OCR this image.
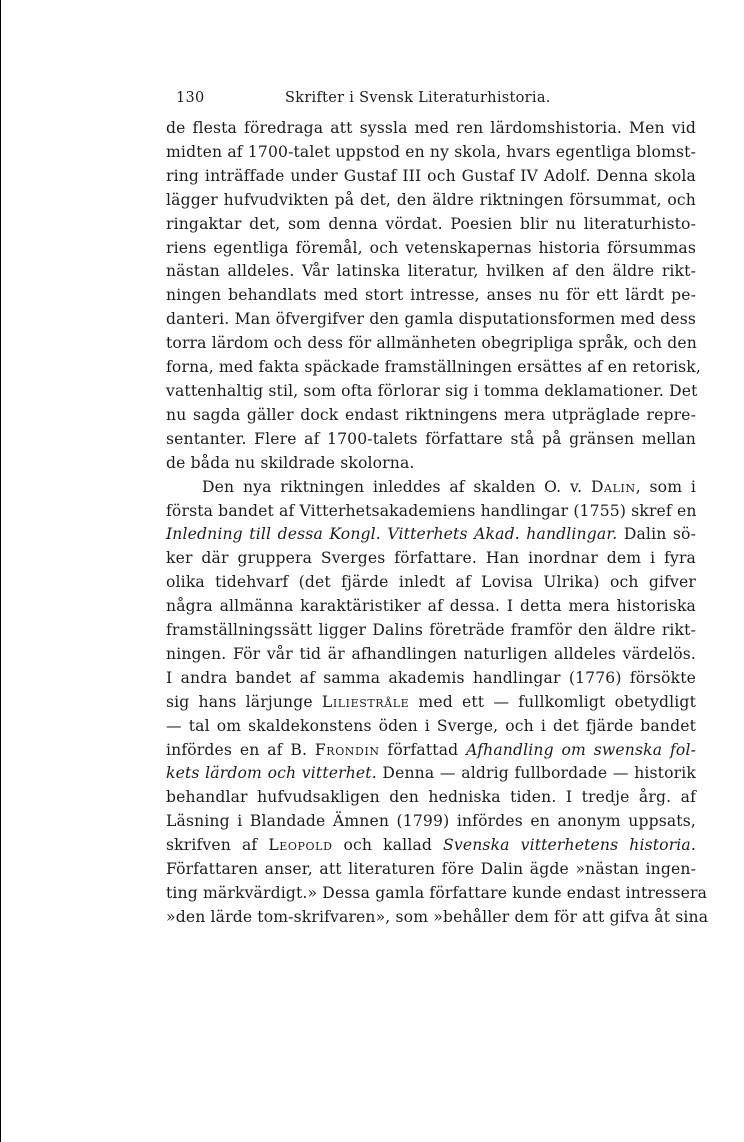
130	Skrifter i Svensk Literaturhistoria.
de flesta föredraga att syssla med ren lärdomshistoria. Men vid
midten af 1700-talet uppstod en ny skola, hvars egentliga blomst-
ring inträffade under Gustaf III och Gustaf IV Adolf. Denna skola
lägger hufvudvikten på det, den äldre riktningen försummat, och
ringaktar det, som denna vördat. Poesien blir nu literaturhisto-
riens egentliga föremål, och vetenskapernas historia försummas
nästan alldeles. Vår latinska literatur, hvilken af den äldre rikt-
ningen behandlats med stort intresse, anses nu för ett lärdt pe-
danteri. Man öfvergifver den gamla disputationsformen med dess
torra lärdom och dess för allmänheten obegripliga språk, och den
forna, med fakta späckade framställningen ersättes af en retorisk,
vattenhaltig stil, som ofta förlorar sig i tomma deklamationer. Det
nu sagda gäller dock endast riktningens mera utpräglade repre-
sentanter. Flere af 1700-talets författare stå på gränsen mellan
de båda nu skildrade skolorna.
Den nya riktningen inleddes af skalden O. v. Dalin, som i
första bandet af Vitterhetsakademiens handlingar (1755) skref en
Inledning till dessa Kongl. Vitterhets Akad. handlingar. Dalin sö-
ker där gruppera Sverges författare. Han inordnar dem i fyra
olika tidehvarf (det fjärde inledt af Lovisa Ulrika) och gifver
några allmänna karaktäristiker af dessa. I detta mera historiska
framställningssätt ligger Dalins företräde framför den äldre rikt-
ningen. För vår tid är afhandlingen naturligen alldeles värdelös.
I andra bandet af samma akademis handlingar (1776) försökte
sig hans lärjunge Liliestråle med ett — fullkomligt obetydligt
— tal om skaldekonstens öden i Sverge, och i det fjärde bandet
infördes en af B. Frondin författad Afhandling om swenska fol-
kets lärdom och vitterhet. Denna — aldrig fullbordade — historik
behandlar hufvudsakligen den hedniska tiden. I tredje årg. af
Läsning i Blandade Ämnen (1799) infördes en anonym uppsats,
skrifven af Leopold och kallad Svenska vitterhetens historia.
Författaren anser, att literaturen före Dalin ägde »nästan ingen-
ting märkvärdigt.» Dessa gamla författare kunde endast intressera
»den lärde tom-skrifvaren», som »behåller dem för att gifva åt sina
